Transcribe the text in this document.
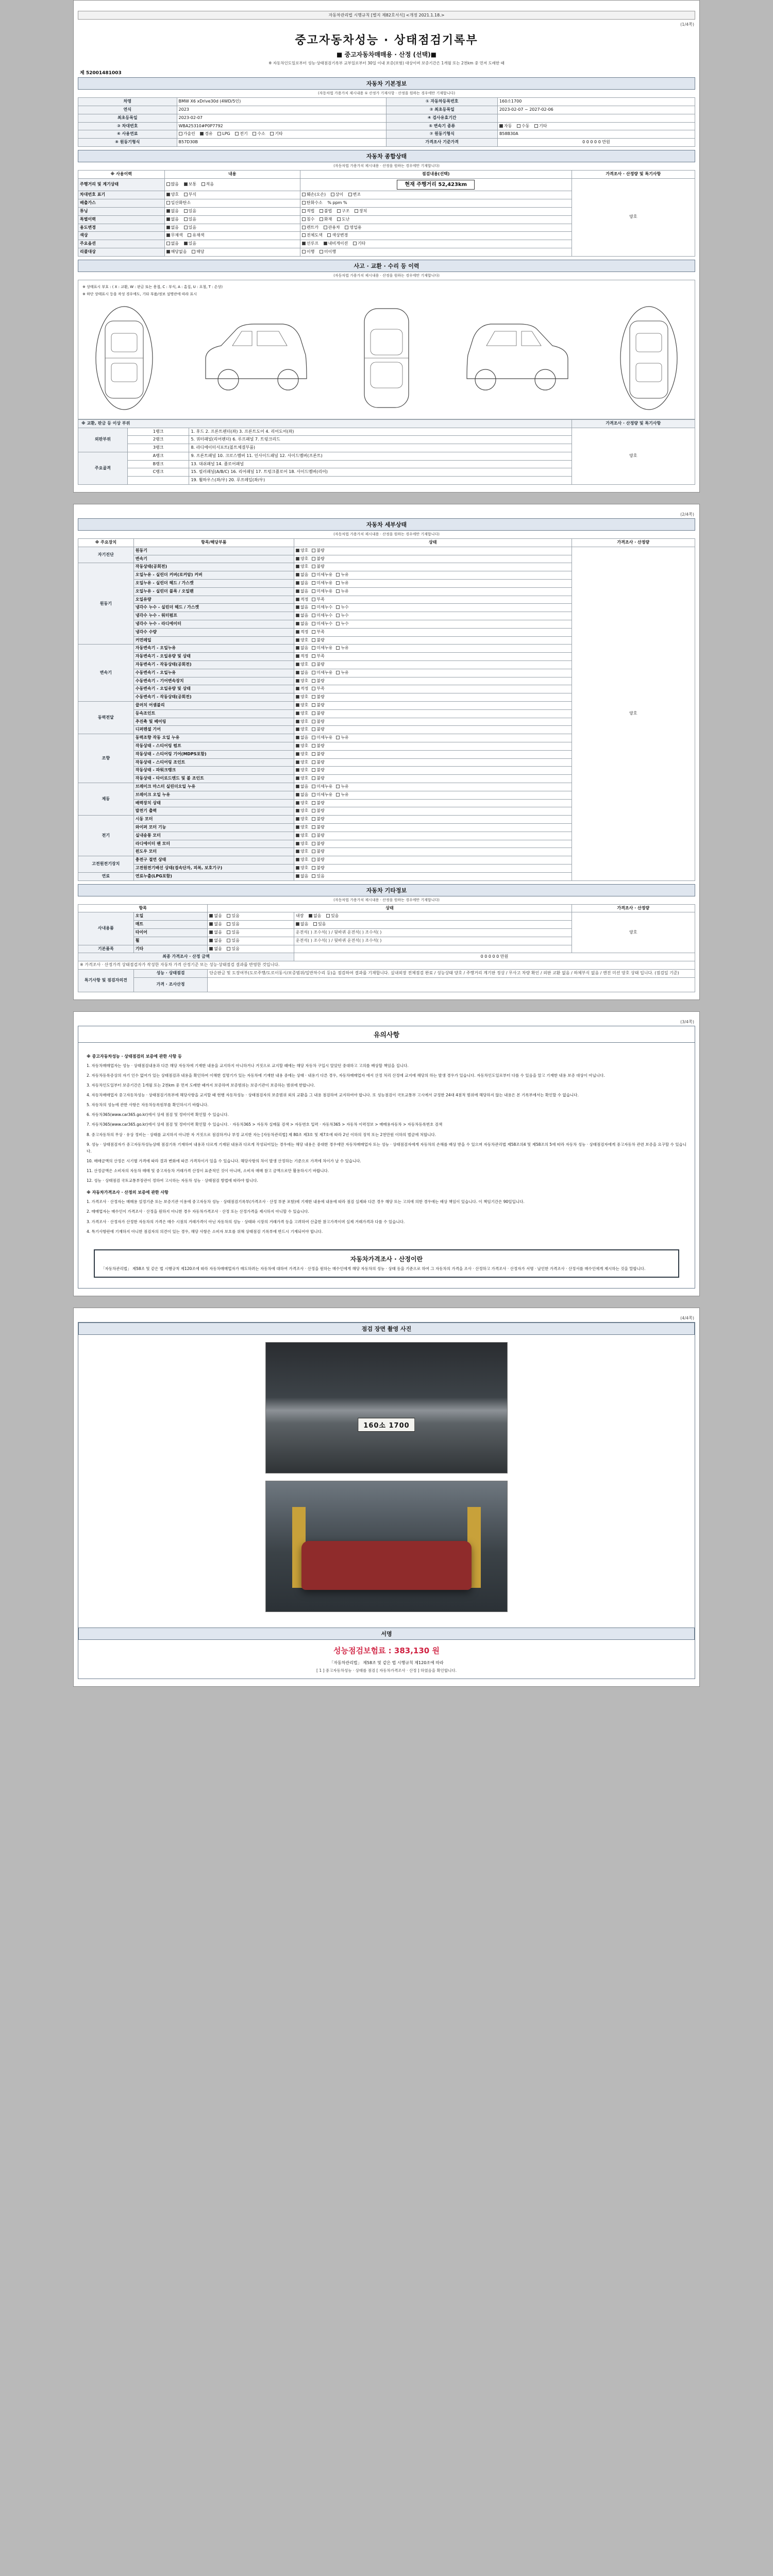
자동차관리법 시행규칙 [별지 제82호서식] <개정 2021.1.18.>
(1/4쪽)
중고자동차성능 · 상태점검기록부
■ 중고자동차매매용 · 산정 (선택)■
※ 자동차인도일로부터 성능·상태점검기록부 교부일로부터 30일 이내 보증(보험) 대상이며 보증기간은 1개월 또는 2천km 중 먼저 도래한 때
제 52001481003
자동차 기본정보
(자동차법 가용가치 제시내용 ① 산정가 기재사항 · 산정을 원하는 경우에만 기재합니다)
차명	BMW X6 xDrive30d (4WD/5인)	① 자동차등록번호	160소1700
연식	2023	② 최초등록일	2023-02-07 ~ 2027-02-06
최초등록일	2023-02-07	④ 검사유효기간	
③ 차대번호	WBA25310#P0P7792	⑤ 변속기 종류	자동 수동 기타
⑥ 사용연료	가솔린 경유 LPG 전기 수소 기타	⑦ 원동기형식	B58B30A
⑧ 원동기형식	B57D30B	가격조사 기준가격	0 0 0 0 0 만원
자동차 종합상태
(자동차법 가용가치 제시내용 · 산정을 원하는 경우에만 기재합니다)
※ 사용이력	내용	점검내용(선택)	가격조사 · 산정량 및 특기사항
주행거리 및 계기상태	많음 보통 적음	현재 주행거리 52,423km	양호
차대번호 표기	양호 부식	훼손(오손) 상이 변조	
배출가스	일산화탄소	탄화수소 % ppm %	
튜닝	없음 있음	적법 불법 구조 장치	
특별이력	없음 있음	침수 화재 도난	
용도변경	없음 있음	렌트카 관용차 영업용	
색상	무채색 유채색	전체도색 색상변경	
주요옵션	없음 있음	선루프 내비게이션 기타	
리콜대상	해당없음 해당	이행 미이행	
사고 · 교환 · 수리 등 이력
(자동차법 가용가치 제시내용 · 산정을 원하는 경우에만 기재합니다)
※ 상태표시 부호 : ( X : 교환, W : 판금 또는 용접, C : 부식, A : 흠집, U : 요철, T : 손상)
※ 하단 상태표시 등을 작성 경우에도, 기타 부품/정보 설명란에 따라 표시
※ 교환, 판금 등 이상 부위			가격조사 · 산정량 및 특기사항
외판부위	1랭크	1. 후드 2. 프론트펜더(좌) 3. 프론트도어 4. 리어도어(좌)	양호
	2랭크	5. 쿼터패널(리어펜더) 6. 루프패널 7. 트렁크리드	
	3랭크	8. 라디에이터서포트(볼트체결부품)	
주요골격	A랭크	9. 프론트패널 10. 크로스멤버 11. 인사이드패널 12. 사이드멤버(프론트)	
	B랭크	13. 대쉬패널 14. 플로어패널	
	C랭크	15. 필러패널(A/B/C) 16. 리어패널 17. 트렁크플로어 18. 사이드멤버(리어)	
		19. 휠하우스(좌/우) 20. 루프레일(좌/우)	
(2/4쪽)
자동차 세부상태
(자동차법 가용가치 제시내용 · 산정을 원하는 경우에만 기재합니다)
※ 주요장치	항목/해당부품	상태	가격조사 · 산정량
자기진단	원동기	양호 불량	양호
	변속기	양호 불량	
원동기	작동상태(공회전)	양호 불량	
	오일누유 - 실린더 커버(로커암) 커버	없음 미세누유 누유	
	오일누유 - 실린더 헤드 / 가스켓	없음 미세누유 누유	
	오일누유 - 실린더 블록 / 오일팬	없음 미세누유 누유	
	오일유량	적정 부족	
	냉각수 누수 - 실린더 헤드 / 가스켓	없음 미세누수 누수	
	냉각수 누수 - 워터펌프	없음 미세누수 누수	
	냉각수 누수 - 라디에이터	없음 미세누수 누수	
	냉각수 수량	적정 부족	
	커먼레일	양호 불량	
변속기	자동변속기 - 오일누유	없음 미세누유 누유	
	자동변속기 - 오일유량 및 상태	적정 부족	
	자동변속기 - 작동상태(공회전)	양호 불량	
	수동변속기 - 오일누유	없음 미세누유 누유	
	수동변속기 - 기어변속장치	양호 불량	
	수동변속기 - 오일유량 및 상태	적정 부족	
	수동변속기 - 작동상태(공회전)	양호 불량	
동력전달	클러치 어셈블리	양호 불량	
	등속조인트	양호 불량	
	추진축 및 베어링	양호 불량	
	디퍼렌셜 기어	양호 불량	
조향	동력조향 작동 오일 누유	없음 미세누유 누유	
	작동상태 - 스티어링 펌프	양호 불량	
	작동상태 - 스티어링 기어(MDPS포함)	양호 불량	
	작동상태 - 스티어링 조인트	양호 불량	
	작동상태 - 파워크랭크	양호 불량	
	작동상태 - 타이로드엔드 및 볼 조인트	양호 불량	
제동	브레이크 마스터 실린더오일 누유	없음 미세누유 누유	
	브레이크 오일 누유	없음 미세누유 누유	
	배력장치 상태	양호 불량	
	발전기 출력	양호 불량	
전기	시동 모터	양호 불량	
	와이퍼 모터 기능	양호 불량	
	실내송풍 모터	양호 불량	
	라디에이터 팬 모터	양호 불량	
	윈도우 모터	양호 불량	
고전원전기장치	충전구 절연 상태	양호 불량	
	고전원전기배선 상태(접속단자, 피복, 보호기구)	양호 불량	
연료	연료누출(LPG포함)	없음 있음	
자동차 기타정보
(자동차법 가용가치 제시내용 · 산정을 원하는 경우에만 기재합니다)
항목		상태		가격조사 · 산정량
사내용품	오일	없음 있음	내장 없음 있음	양호
	매트	없음 있음	없음 있음	
	타이어	없음 있음	운전석( ) 조수석( ) / 뒷바퀴 운전석( ) 조수석( )	
	휠	없음 있음	운전석( ) 조수석( ) / 뒷바퀴 운전석( ) 조수석( )	
기본품목	기타	없음 있음		
최종 가격조사 · 산정 금액			0 0 0 0 0 만원	
※ 가격조사 · 산정가격 상태점검자가 작성한 자동차 가격 산정기준 또는 성능·상태점검 결과를 반영한 것입니다.				
특기사항 및 점검자의견	성능 · 상태점검	단순판금 및 도장여부(도로주행/도로이동시/보증범위/일반차수리 등)을 점검하여 결과를 기재합니다. 실내외장 전체점검 완료 / 성능상태 양호 / 주행거리 계기판 정상 / 무사고 차량 확인 / 외판 교환 없음 / 하체부식 없음 / 엔진 미션 양호 상태 입니다. (점검일 기준)		
	가격 · 조사산정			
(3/4쪽)
유의사항
※ 중고자동차성능 · 상태점검의 보증에 관한 사항 등

1. 자동차매매업자는 성능 · 상태점검내용과 다른 해당 자동차에 기재한 내용을 교지하지 아니하거나 거짓으로 교지할 때에는 해당 자동차 구입시 알았던 중대하고 고의를 배상할 책임을 집니다.

2. 자동차등록증상의 자기 인수 없어가 있는 상태점검과 내용을 확인하여 이해한 설명기가 있는 자동차에 기재한 내용 중에는 상태 · 내용기 다른 경우, 자동차매매업자 에서 산정 처리 산정에 교지에 해당의 하는 발생 경우가 있습니다. 자동차인도일로부터 다를 수 있음을 알고 기재한 내용 보증 대상이 아닙니다.

3. 자동차인도일부터 보증기간은 1개월 또는 2천km 중 먼저 도래한 때까지 보증하며 보증범위는 보증기관이 보증하는 범위에 한합니다.

4. 자동차매매업자 중고자동차성능 · 상태점검기록부에 해당사항을 교지할 때 현행 자동차성능 · 상태점검자의 보증범위 외의 교환을 그 내용 점검하여 교지하여야 합니다. 또 성능점검이 국토교통부 고시에서 규정한 24대 4점적 범위에 해당하지 않는 내용은 본 기록부에서는 확인할 수 없습니다.

5. 자동차의 성능에 관한 사항은 자동차등록원부를 확인하시기 바랍니다.

6. 자동차365(www.car365.go.kr)에서 상세 점검 및 정비이력 확인할 수 있습니다.

7. 자동차365(www.car365.go.kr)에서 상세 점검 및 정비이력 확인할 수 있습니다. · 자동차365 > 자동차 실매물 검색 > 자동번호 입력 · 자동차365 > 자동차 이력정보 > 매매용자동차 > 자동차등록번호 검색

8. 중고자동차의 무상 · 유상 정비는 · 상태를 교지하지 아니한 자 거짓으로 점검하거나 부정 교지한 자는 [자동차관리법] 제 80조 제3호 및 제7호에 따라 2년 이하의 징역 또는 2천만원 이하의 벌금에 처합니다.

9. 성능 · 상태점검자가 중고자동차성능상태 점검기록 기재하여 내용과 다르게 기재된 내용과 다르게 작성되어있는 경우에는 해당 내용은 중대한 경우에만 자동차매매업자 또는 성능 · 상태점검자에게 자동차의 손해를 배상 받을 수 있으며 자동차관리법 제58조의4 및 제58조의 5에 따라 자동차 성능 · 상태점검자에게 중고자동차 관련 보증을 요구할 수 있습니다.

10. 매매금액의 산정은 시기별 가격에 따라 결과 변화에 따른 가격차이가 있을 수 있습니다. 해당사항의 차이 발생 산정하는 기준으로 가격에 차이가 날 수 있습니다.

11. 산정금액은 소비자의 자동차 매매 및 중고자동차 거래가격 산정이 표준적인 것이 아니며, 소비자 매매 참고 금액으로만 활용하시기 바랍니다.

12. 성능 · 상태점검 국토교통부장관이 정하여 고시하는 자동차 성능 · 상태점검 방법에 따라야 합니다.

※ 자동차가격조사 · 산정의 보증에 관한 사항

1. 가격조사 · 산정자는 매매용 설정기준 또는 보증기관 이용에 중고자동차 성능 · 상태점검기록부(가격조사 · 산정 부분 포함)에 기재한 내용에 내용에 따라 점검 실제와 다른 경우 해당 또는 고의에 의한 경우에는 배상 책임이 있습니다. 이 책임기간은 90일입니다.

2. 매매업자는 매수인이 가격조사 · 산정을 원하지 아니한 경우 자동차가격조사 · 산정 또는 산정가격을 제시하지 아니할 수 있습니다.

3. 가격조사 · 산정자가 산정한 자동차의 가격은 매수 시점의 거래가격이 아닌 자동차의 성능 · 상태와 시장의 거래가격 등을 고려하여 산출한 참고가격이며 실제 거래가격과 다를 수 있습니다.

4. 특기사항란에 기재하지 아니한 점검자의 의견이 있는 경우, 해당 사항은 소비자 보호를 위해 상태점검 기록부에 반드시 기재되어야 합니다.

자동차가격조사 · 산정이란
「자동차관리법」 제58조 및 같은 법 시행규칙 제120조에 따라 자동차매매업자가 매도하려는 자동차에 대하여 가격조사 · 산정을 원하는 매수인에게 해당 자동차의 성능 · 상태 등을 기준으로 하여 그 자동차의 가격을 조사 · 산정하고 가격조사 · 산정자가 서명 · 날인한 가격조사 · 산정서를 매수인에게 제시하는 것을 말합니다.
(4/4쪽)
점검 장면 촬영 사진
160소 1700
서명
성능점검보험료 : 383,130 원
「자동차관리법」 제58조 및 같은 법 시행규칙 제120조에 따라
[ 1 ] 중고자동차성능 · 상태를 점검 [ 자동차가격조사 · 산정 ] 하였음을 확인합니다.
